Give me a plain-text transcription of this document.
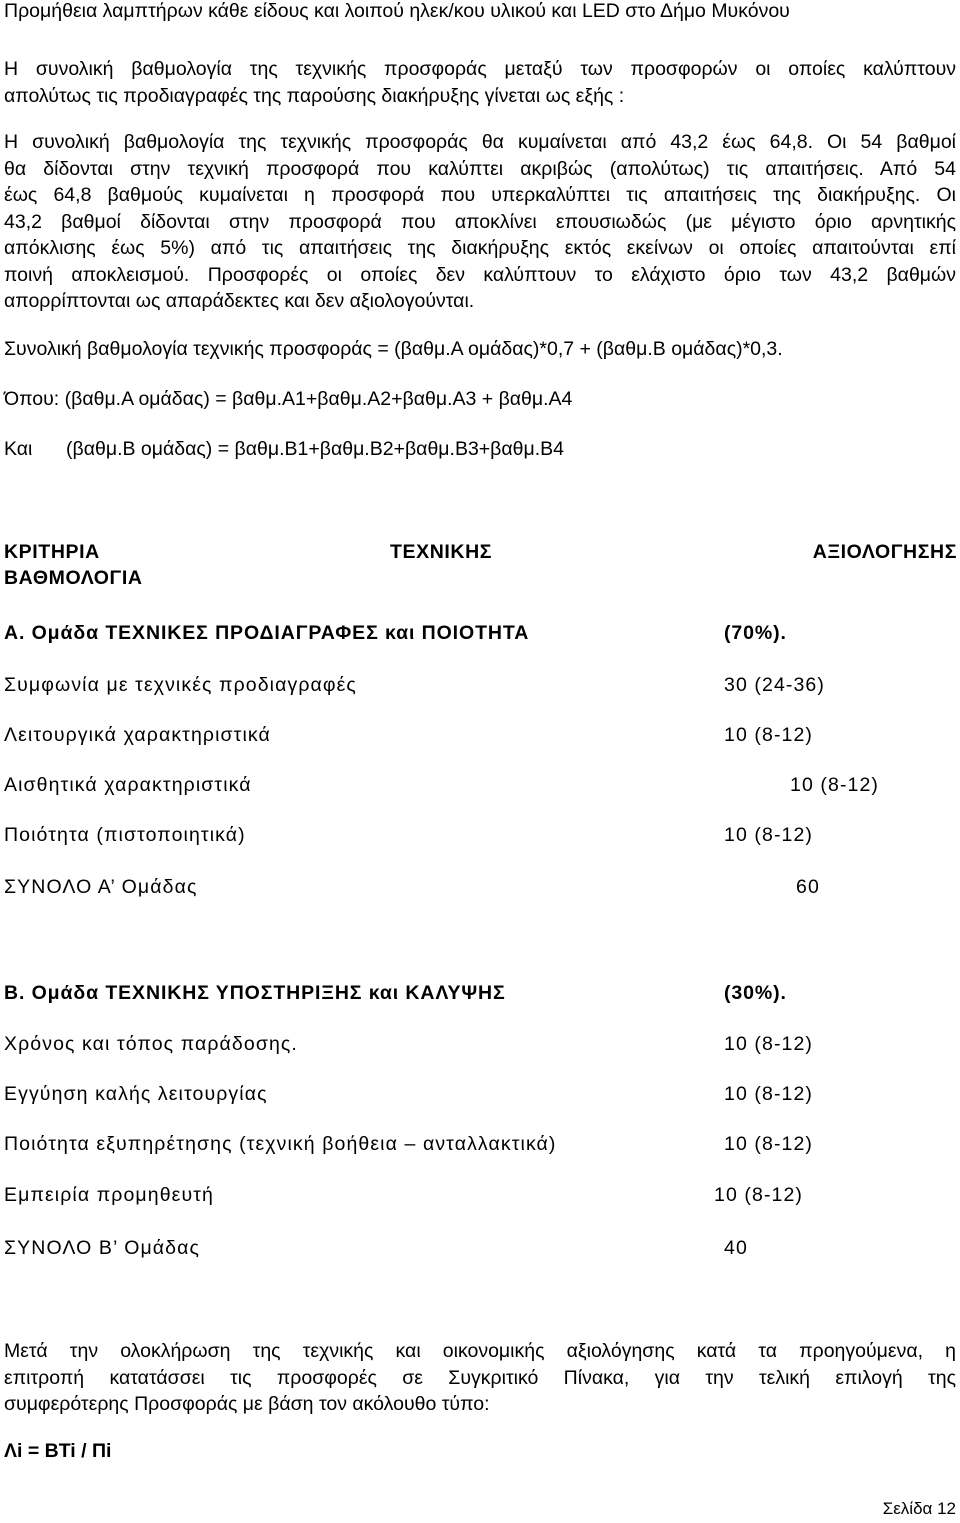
Προμήθεια λαμπτήρων κάθε είδους και λοιπού ηλεκ/κου υλικού και LED στο Δήμο Μυκόνου
Η συνολική βαθμολογία της τεχνικής προσφοράς μεταξύ των προσφορών οι οποίες καλύπτουν
απολύτως τις προδιαγραφές της παρούσης διακήρυξης γίνεται ως εξής :
Η συνολική βαθμολογία της τεχνικής προσφοράς θα κυμαίνεται από 43,2 έως 64,8. Οι 54 βαθμοί
θα δίδονται στην τεχνική προσφορά που καλύπτει ακριβώς (απολύτως) τις απαιτήσεις. Από 54
έως 64,8 βαθμούς κυμαίνεται η προσφορά που υπερκαλύπτει τις απαιτήσεις της διακήρυξης. Οι
43,2 βαθμοί δίδονται στην προσφορά που αποκλίνει επουσιωδώς (με μέγιστο όριο αρνητικής
απόκλισης έως 5%) από τις απαιτήσεις της διακήρυξης εκτός εκείνων οι οποίες απαιτούνται επί
ποινή αποκλεισμού. Προσφορές οι οποίες δεν καλύπτουν το ελάχιστο όριο των 43,2 βαθμών
απορρίπτονται ως απαράδεκτες και δεν αξιολογούνται.
Συνολική βαθμολογία τεχνικής προσφοράς = (βαθμ.Α ομάδας)*0,7 + (βαθμ.Β ομάδας)*0,3.
Όπου: (βαθμ.Α ομάδας) = βαθμ.Α1+βαθμ.Α2+βαθμ.Α3 + βαθμ.Α4
Και (βαθμ.Β ομάδας) = βαθμ.Β1+βαθμ.Β2+βαθμ.Β3+βαθμ.Β4
ΚΡΙΤΗΡΙΑ	ΤΕΧΝΙΚΗΣ	ΑΞΙΟΛΟΓΗΣΗΣ
ΒΑΘΜΟΛΟΓΙΑ
Α. Ομάδα ΤΕΧΝΙΚΕΣ ΠΡΟΔΙΑΓΡΑΦΕΣ και ΠΟΙΟΤΗΤΑ	(70%).
Συμφωνία με τεχνικές προδιαγραφές	30 (24-36)
Λειτουργικά χαρακτηριστικά	10 (8-12)
Αισθητικά χαρακτηριστικά	10 (8-12)
Ποιότητα (πιστοποιητικά)	10 (8-12)
ΣΥΝΟΛΟ Α’ Ομάδας	60
Β. Ομάδα ΤΕΧΝΙΚΗΣ ΥΠΟΣΤΗΡΙΞΗΣ και ΚΑΛΥΨΗΣ	(30%).
Χρόνος και τόπος παράδοσης.	10 (8-12)
Εγγύηση καλής λειτουργίας	10 (8-12)
Ποιότητα εξυπηρέτησης (τεχνική βοήθεια – ανταλλακτικά)	10 (8-12)
Εμπειρία προμηθευτή	10 (8-12)
ΣΥΝΟΛΟ Β’ Ομάδας	40
Μετά την ολοκλήρωση της τεχνικής και οικονομικής αξιολόγησης κατά τα προηγούμενα, η
επιτροπή κατατάσσει τις προσφορές σε Συγκριτικό Πίνακα, για την τελική επιλογή της
συμφερότερης Προσφοράς με βάση τον ακόλουθο τύπο:
Λi = BTi / Πi
Σελίδα 12
